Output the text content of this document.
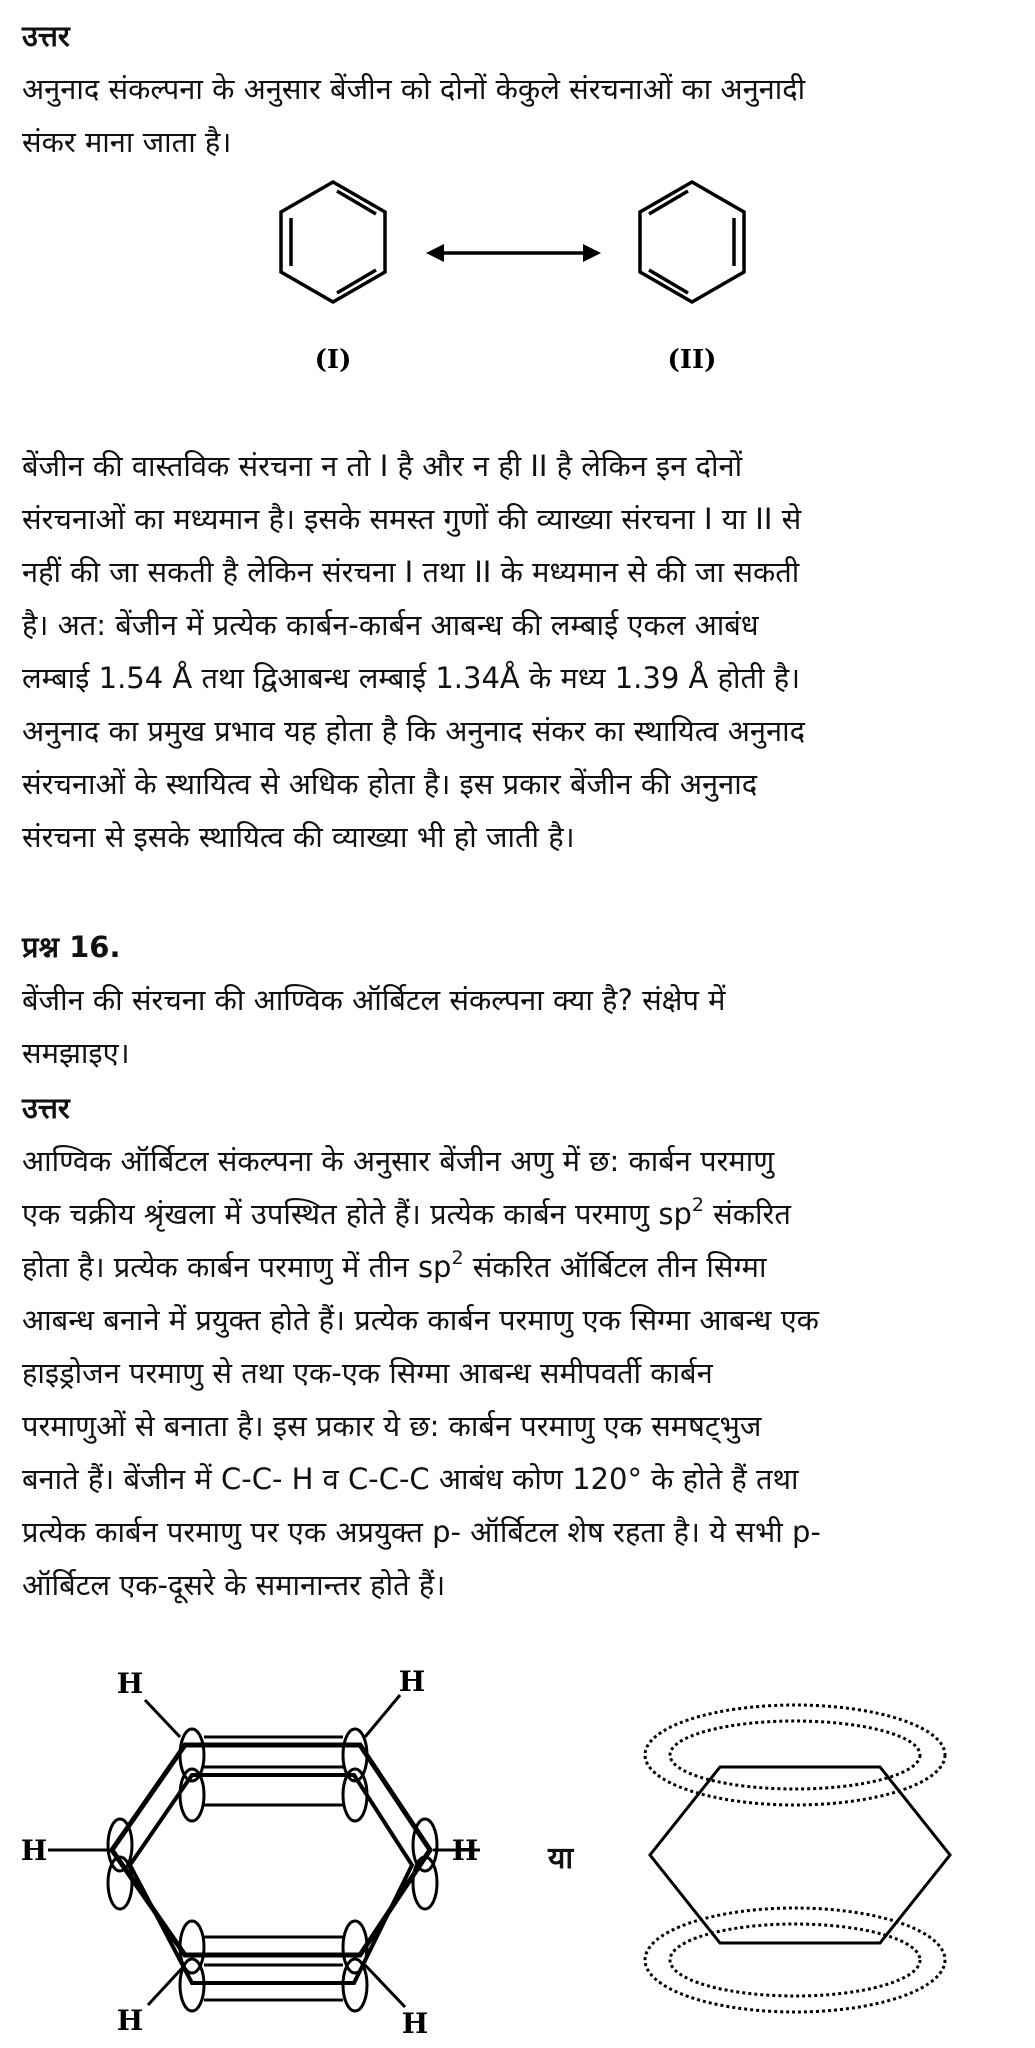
उत्तर
अनुनाद संकल्पना के अनुसार बेंजीन को दोनों केकुले संरचनाओं का अनुनादी
संकर माना जाता है।
(I)	(II)
बेंजीन की वास्तविक संरचना न तो I है और न ही II है लेकिन इन दोनों
संरचनाओं का मध्यमान है। इसके समस्त गुणों की व्याख्या संरचना I या II से
नहीं की जा सकती है लेकिन संरचना I तथा II के मध्यमान से की जा सकती
है। अत: बेंजीन में प्रत्येक कार्बन-कार्बन आबन्ध की लम्बाई एकल आबंध
लम्बाई 1.54 Å तथा द्विआबन्ध लम्बाई 1.34Å के मध्य 1.39 Å होती है।
अनुनाद का प्रमुख प्रभाव यह होता है कि अनुनाद संकर का स्थायित्व अनुनाद
संरचनाओं के स्थायित्व से अधिक होता है। इस प्रकार बेंजीन की अनुनाद
संरचना से इसके स्थायित्व की व्याख्या भी हो जाती है।
प्रश्न 16.
बेंजीन की संरचना की आण्विक ऑर्बिटल संकल्पना क्या है? संक्षेप में
समझाइए।
उत्तर
आण्विक ऑर्बिटल संकल्पना के अनुसार बेंजीन अणु में छ: कार्बन परमाणु
एक चक्रीय श्रृंखला में उपस्थित होते हैं। प्रत्येक कार्बन परमाणु $sp^2$ संकरित
होता है। प्रत्येक कार्बन परमाणु में तीन $sp^2$ संकरित ऑर्बिटल तीन सिग्मा
आबन्ध बनाने में प्रयुक्त होते हैं। प्रत्येक कार्बन परमाणु एक सिग्मा आबन्ध एक
हाइड्रोजन परमाणु से तथा एक-एक सिग्मा आबन्ध समीपवर्ती कार्बन
परमाणुओं से बनाता है। इस प्रकार ये छ: कार्बन परमाणु एक समषट्भुज
बनाते हैं। बेंजीन में C-C- H व C-C-C आबंध कोण 120° के होते हैं तथा
प्रत्येक कार्बन परमाणु पर एक अप्रयुक्त p- ऑर्बिटल शेष रहता है। ये सभी p-
ऑर्बिटल एक-दूसरे के समानान्तर होते हैं।
H	H
H	H
H	H
या
